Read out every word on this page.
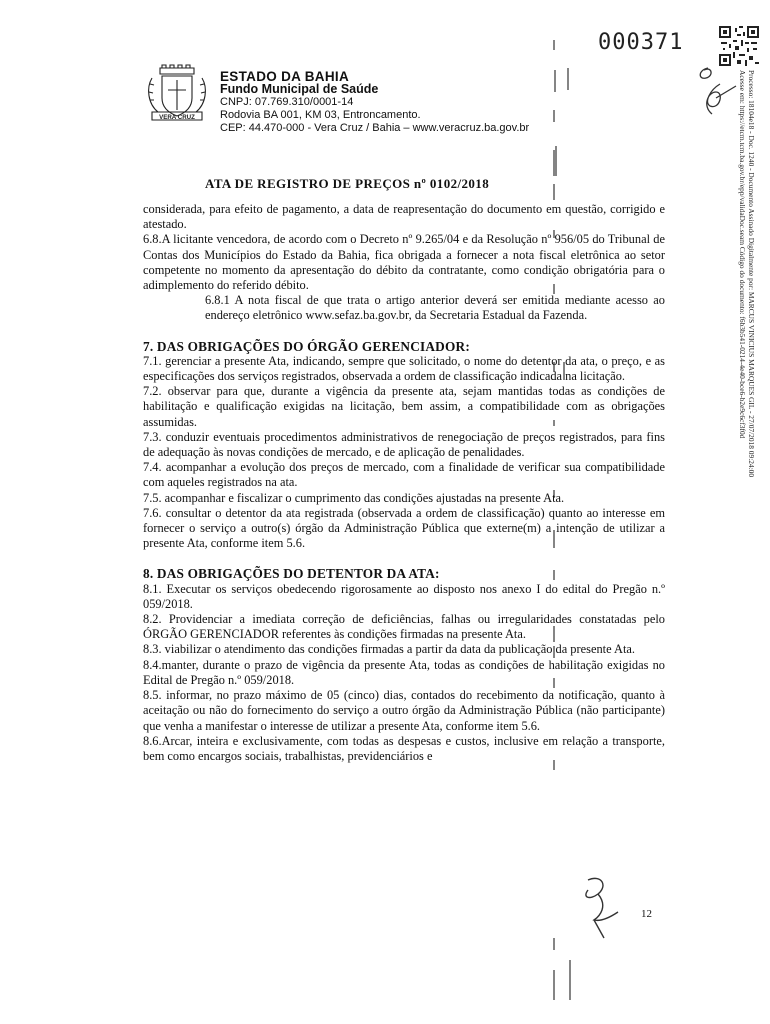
000371
Processo: 18104e18 - Doc. 1240 - Documento Assinado Digitalmente por: MARCUS VINICIUS MARQUES GIL - 27/07/2018 09:24:00
Acesse em: https://etcm.tcm.ba.gov.br/epp/validaDoc.seam Código do documento: f6b3b541-0214-4e40-bce6-b2e9c6cf3f0d
VERA CRUZ
ESTADO DA BAHIA
Fundo Municipal de Saúde
CNPJ: 07.769.310/0001-14
Rodovia BA 001, KM 03, Entroncamento.
CEP: 44.470-000 - Vera Cruz / Bahia – www.veracruz.ba.gov.br
ATA DE REGISTRO DE PREÇOS nº 0102/2018

considerada, para efeito de pagamento, a data de reapresentação do documento em questão, corrigido e atestado.

6.8.A licitante vencedora, de acordo com o Decreto nº 9.265/04 e da Resolução nº 956/05 do Tribunal de Contas dos Municípios do Estado da Bahia, fica obrigada a fornecer a nota fiscal eletrônica ao setor competente no momento da apresentação do débito da contratante, como condição obrigatória para o adimplemento do referido débito.

6.8.1 A nota fiscal de que trata o artigo anterior deverá ser emitida mediante acesso ao endereço eletrônico www.sefaz.ba.gov.br, da Secretaria Estadual da Fazenda.

7. DAS OBRIGAÇÕES DO ÓRGÃO GERENCIADOR:

7.1. gerenciar a presente Ata, indicando, sempre que solicitado, o nome do detentor da ata, o preço, e as especificações dos serviços registrados, observada a ordem de classificação indicada na licitação.

7.2. observar para que, durante a vigência da presente ata, sejam mantidas todas as condições de habilitação e qualificação exigidas na licitação, bem assim, a compatibilidade com as obrigações assumidas.

7.3. conduzir eventuais procedimentos administrativos de renegociação de preços registrados, para fins de adequação às novas condições de mercado, e de aplicação de penalidades.

7.4. acompanhar a evolução dos preços de mercado, com a finalidade de verificar sua compatibilidade com aqueles registrados na ata.

7.5. acompanhar e fiscalizar o cumprimento das condições ajustadas na presente Ata.

7.6. consultar o detentor da ata registrada (observada a ordem de classificação) quanto ao interesse em fornecer o serviço a outro(s) órgão da Administração Pública que externe(m) a intenção de utilizar a presente Ata, conforme item 5.6.

8. DAS OBRIGAÇÕES DO DETENTOR DA ATA:

8.1. Executar os serviços obedecendo rigorosamente ao disposto nos anexo I do edital do Pregão n.º 059/2018.

8.2. Providenciar a imediata correção de deficiências, falhas ou irregularidades constatadas pelo ÓRGÃO GERENCIADOR referentes às condições firmadas na presente Ata.

8.3. viabilizar o atendimento das condições firmadas a partir da data da publicação da presente Ata.

8.4.manter, durante o prazo de vigência da presente Ata, todas as condições de habilitação exigidas no Edital de Pregão n.º 059/2018.

8.5. informar, no prazo máximo de 05 (cinco) dias, contados do recebimento da notificação, quanto à aceitação ou não do fornecimento do serviço a outro órgão da Administração Pública (não participante) que venha a manifestar o interesse de utilizar a presente Ata, conforme item 5.6.

8.6.Arcar, inteira e exclusivamente, com todas as despesas e custos, inclusive em relação a transporte, bem como encargos sociais, trabalhistas, previdenciários e

12
